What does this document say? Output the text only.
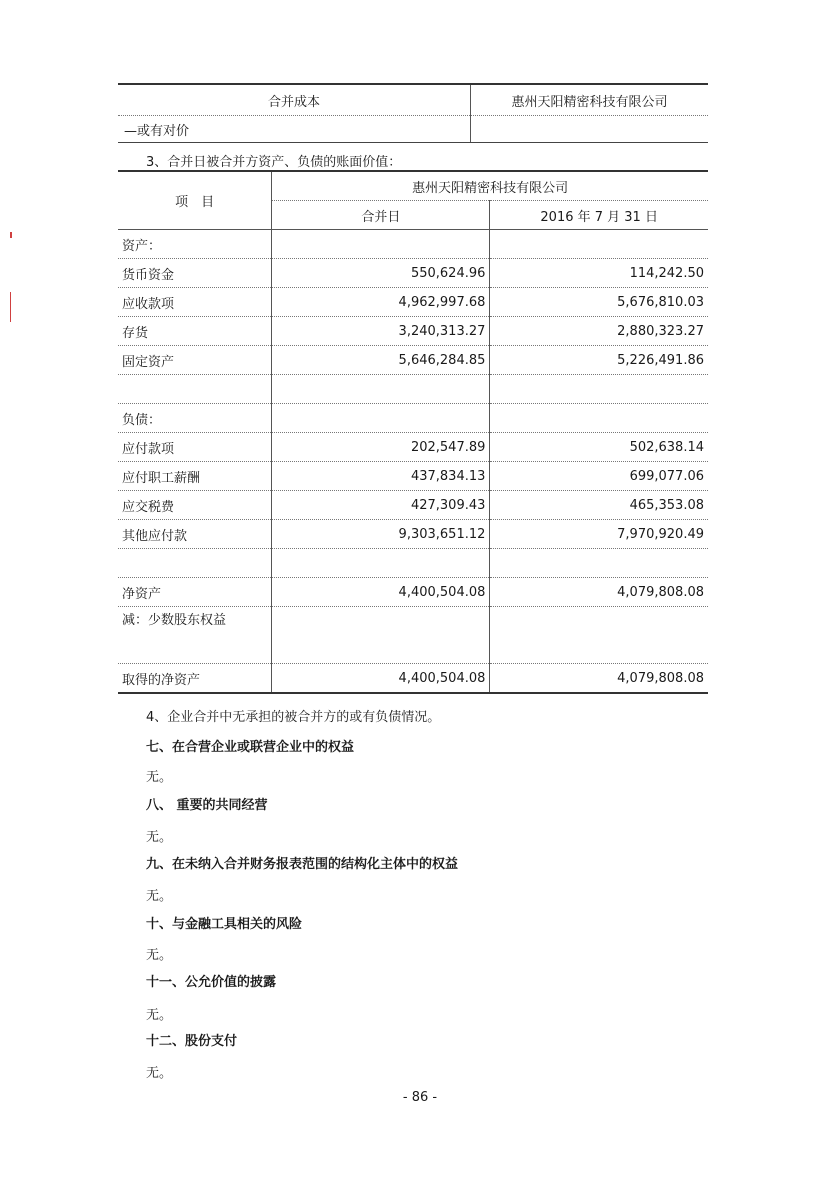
合并成本	惠州天阳精密科技有限公司
—或有对价	
3、合并日被合并方资产、负债的账面价值：
项　目	惠州天阳精密科技有限公司	
	合并日	2016 年 7 月 31 日
资产：		
货币资金	550,624.96	114,242.50
应收款项	4,962,997.68	5,676,810.03
存货	3,240,313.27	2,880,323.27
固定资产	5,646,284.85	5,226,491.86

负债：		
应付款项	202,547.89	502,638.14
应付职工薪酬	437,834.13	699,077.06
应交税费	427,309.43	465,353.08
其他应付款	9,303,651.12	7,970,920.49

净资产	4,400,504.08	4,079,808.08
减：少数股东权益		
取得的净资产	4,400,504.08	4,079,808.08
4、企业合并中无承担的被合并方的或有负债情况。
七、在合营企业或联营企业中的权益
无。
八、 重要的共同经营
无。
九、在未纳入合并财务报表范围的结构化主体中的权益
无。
十、与金融工具相关的风险
无。
十一、公允价值的披露
无。
十二、股份支付
无。
- 86 -
